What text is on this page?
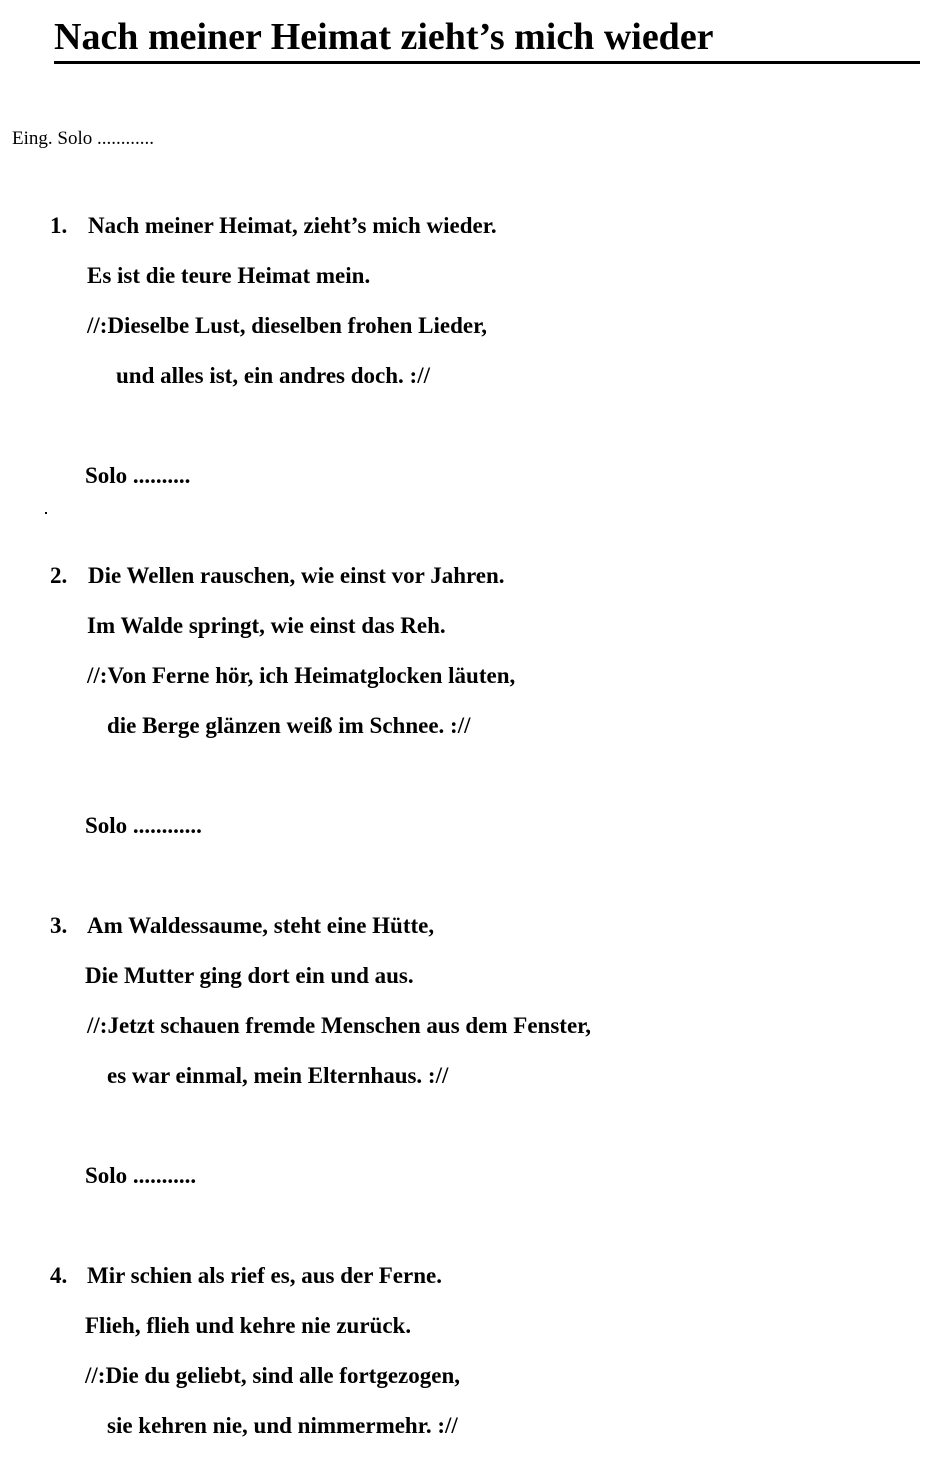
Nach meiner Heimat zieht’s mich wieder
Eing. Solo ............
1. Nach meiner Heimat, zieht’s mich wieder.
Es ist die teure Heimat mein.
//:Dieselbe Lust, dieselben frohen Lieder,
und alles ist, ein andres doch. ://
Solo ..........
2. Die Wellen rauschen, wie einst vor Jahren.
Im Walde springt, wie einst das Reh.
//:Von Ferne hör, ich Heimatglocken läuten,
die Berge glänzen weiß im Schnee. ://
Solo ............
3. Am Waldessaume, steht eine Hütte,
Die Mutter ging dort ein und aus.
//:Jetzt schauen fremde Menschen aus dem Fenster,
es war einmal, mein Elternhaus. ://
Solo ...........
4. Mir schien als rief es, aus der Ferne.
Flieh, flieh und kehre nie zurück.
//:Die du geliebt, sind alle fortgezogen,
sie kehren nie, und nimmermehr. ://
